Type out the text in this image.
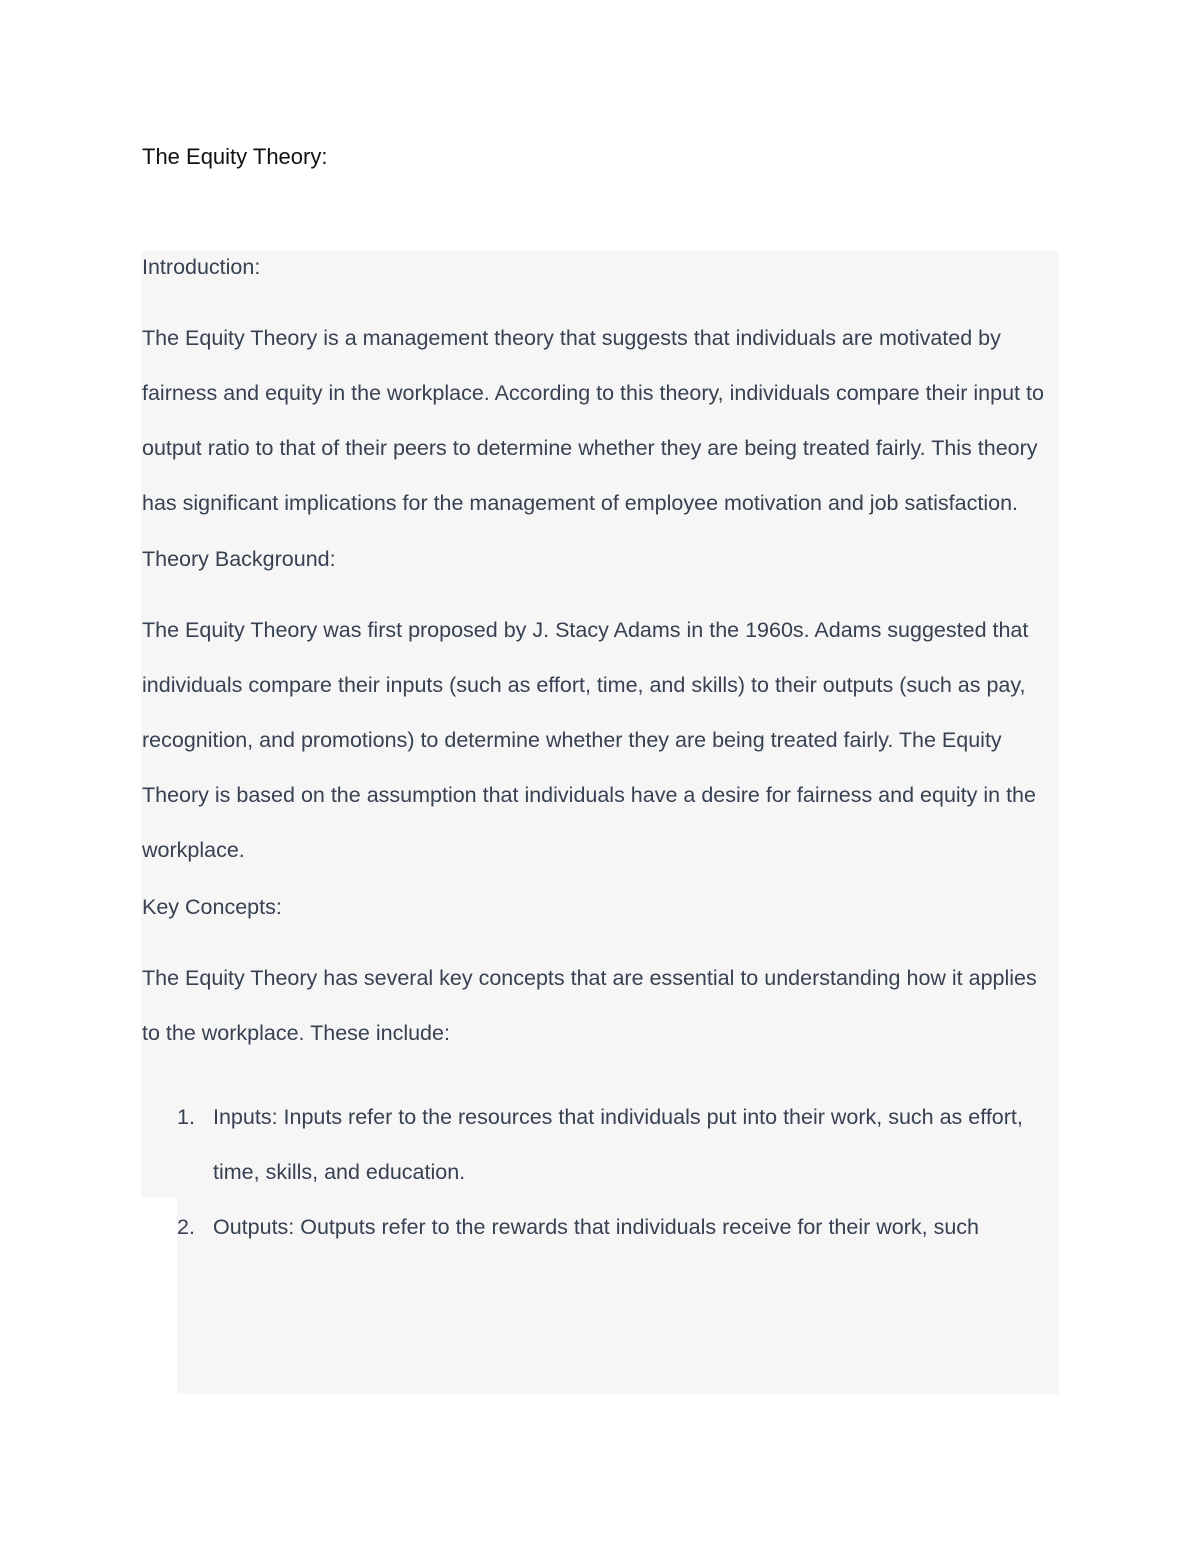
The Equity Theory:
Introduction:

The Equity Theory is a management theory that suggests that individuals are motivated by fairness and equity in the workplace. According to this theory, individuals compare their input to output ratio to that of their peers to determine whether they are being treated fairly. This theory has significant implications for the management of employee motivation and job satisfaction.

Theory Background:

The Equity Theory was first proposed by J. Stacy Adams in the 1960s. Adams suggested that individuals compare their inputs (such as effort, time, and skills) to their outputs (such as pay, recognition, and promotions) to determine whether they are being treated fairly. The Equity Theory is based on the assumption that individuals have a desire for fairness and equity in the workplace.

Key Concepts:

The Equity Theory has several key concepts that are essential to understanding how it applies to the workplace. These include:

1. Inputs: Inputs refer to the resources that individuals put into their work, such as effort, time, skills, and education.
2. Outputs: Outputs refer to the rewards that individuals receive for their work, such
